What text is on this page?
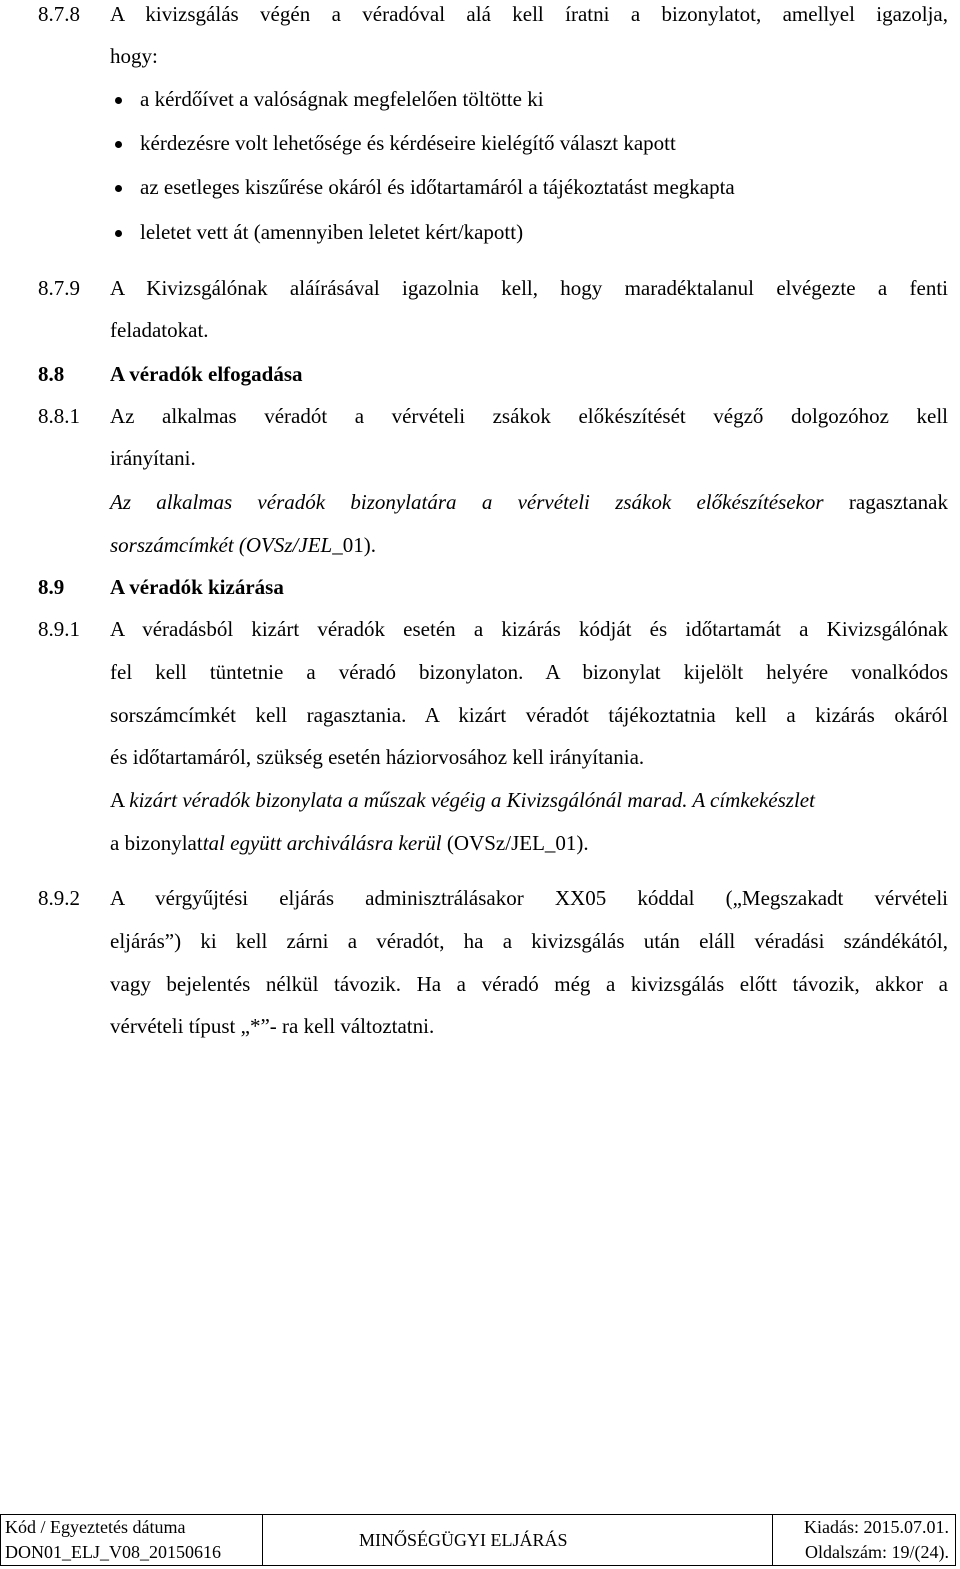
8.7.8 A kivizsgálás végén a véradóval alá kell íratni a bizonylatot, amellyel igazolja,
hogy:
a kérdőívet a valóságnak megfelelően töltötte ki
kérdezésre volt lehetősége és kérdéseire kielégítő választ kapott
az esetleges kiszűrése okáról és időtartamáról a tájékoztatást megkapta
leletet vett át (amennyiben leletet kért/kapott)
8.7.9 A Kivizsgálónak aláírásával igazolnia kell, hogy maradéktalanul elvégezte a fenti
feladatokat.
8.8 A véradók elfogadása
8.8.1 Az alkalmas véradót a vérvételi zsákok előkészítését végző dolgozóhoz kell
irányítani.
Az alkalmas véradók bizonylatára a vérvételi zsákok előkészítésekor ragasztanak
sorszámcímkét (OVSz/JEL_01).
8.9 A véradók kizárása
8.9.1 A véradásból kizárt véradók esetén a kizárás kódját és időtartamát a Kivizsgálónak
fel kell tüntetnie a véradó bizonylaton. A bizonylat kijelölt helyére vonalkódos
sorszámcímkét kell ragasztania. A kizárt véradót tájékoztatnia kell a kizárás okáról
és időtartamáról, szükség esetén háziorvosához kell irányítania.
A kizárt véradók bizonylata a műszak végéig a Kivizsgálónál marad. A címkekészlet
a bizonylattal együtt archiválásra kerül (OVSz/JEL_01).
8.9.2 A vérgyűjtési eljárás adminisztrálásakor XX05 kóddal („Megszakadt vérvételi
eljárás”) ki kell zárni a véradót, ha a kivizsgálás után eláll véradási szándékától,
vagy bejelentés nélkül távozik. Ha a véradó még a kivizsgálás előtt távozik, akkor a
vérvételi típust „*”- ra kell változtatni.
Kód / Egyeztetés dátuma
DON01_ELJ_V08_20150616
MINŐSÉGÜGYI ELJÁRÁS
Kiadás: 2015.07.01.
Oldalszám: 19/(24).
